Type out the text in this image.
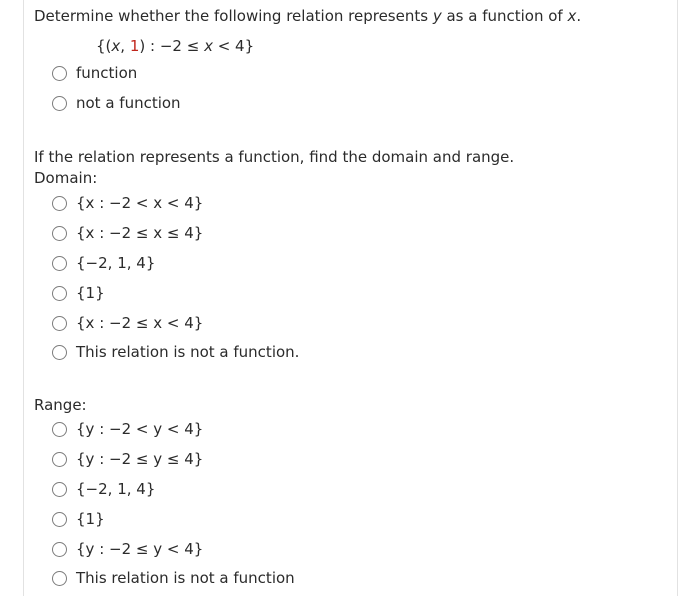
Determine whether the following relation represents y as a function of x.
{(x, 1) : −2 ≤ x < 4}
function
not a function
If the relation represents a function, find the domain and range.
Domain:
{x : −2 < x < 4}
{x : −2 ≤ x ≤ 4}
{−2, 1, 4}
{1}
{x : −2 ≤ x < 4}
This relation is not a function.
Range:
{y : −2 < y < 4}
{y : −2 ≤ y ≤ 4}
{−2, 1, 4}
{1}
{y : −2 ≤ y < 4}
This relation is not a function
